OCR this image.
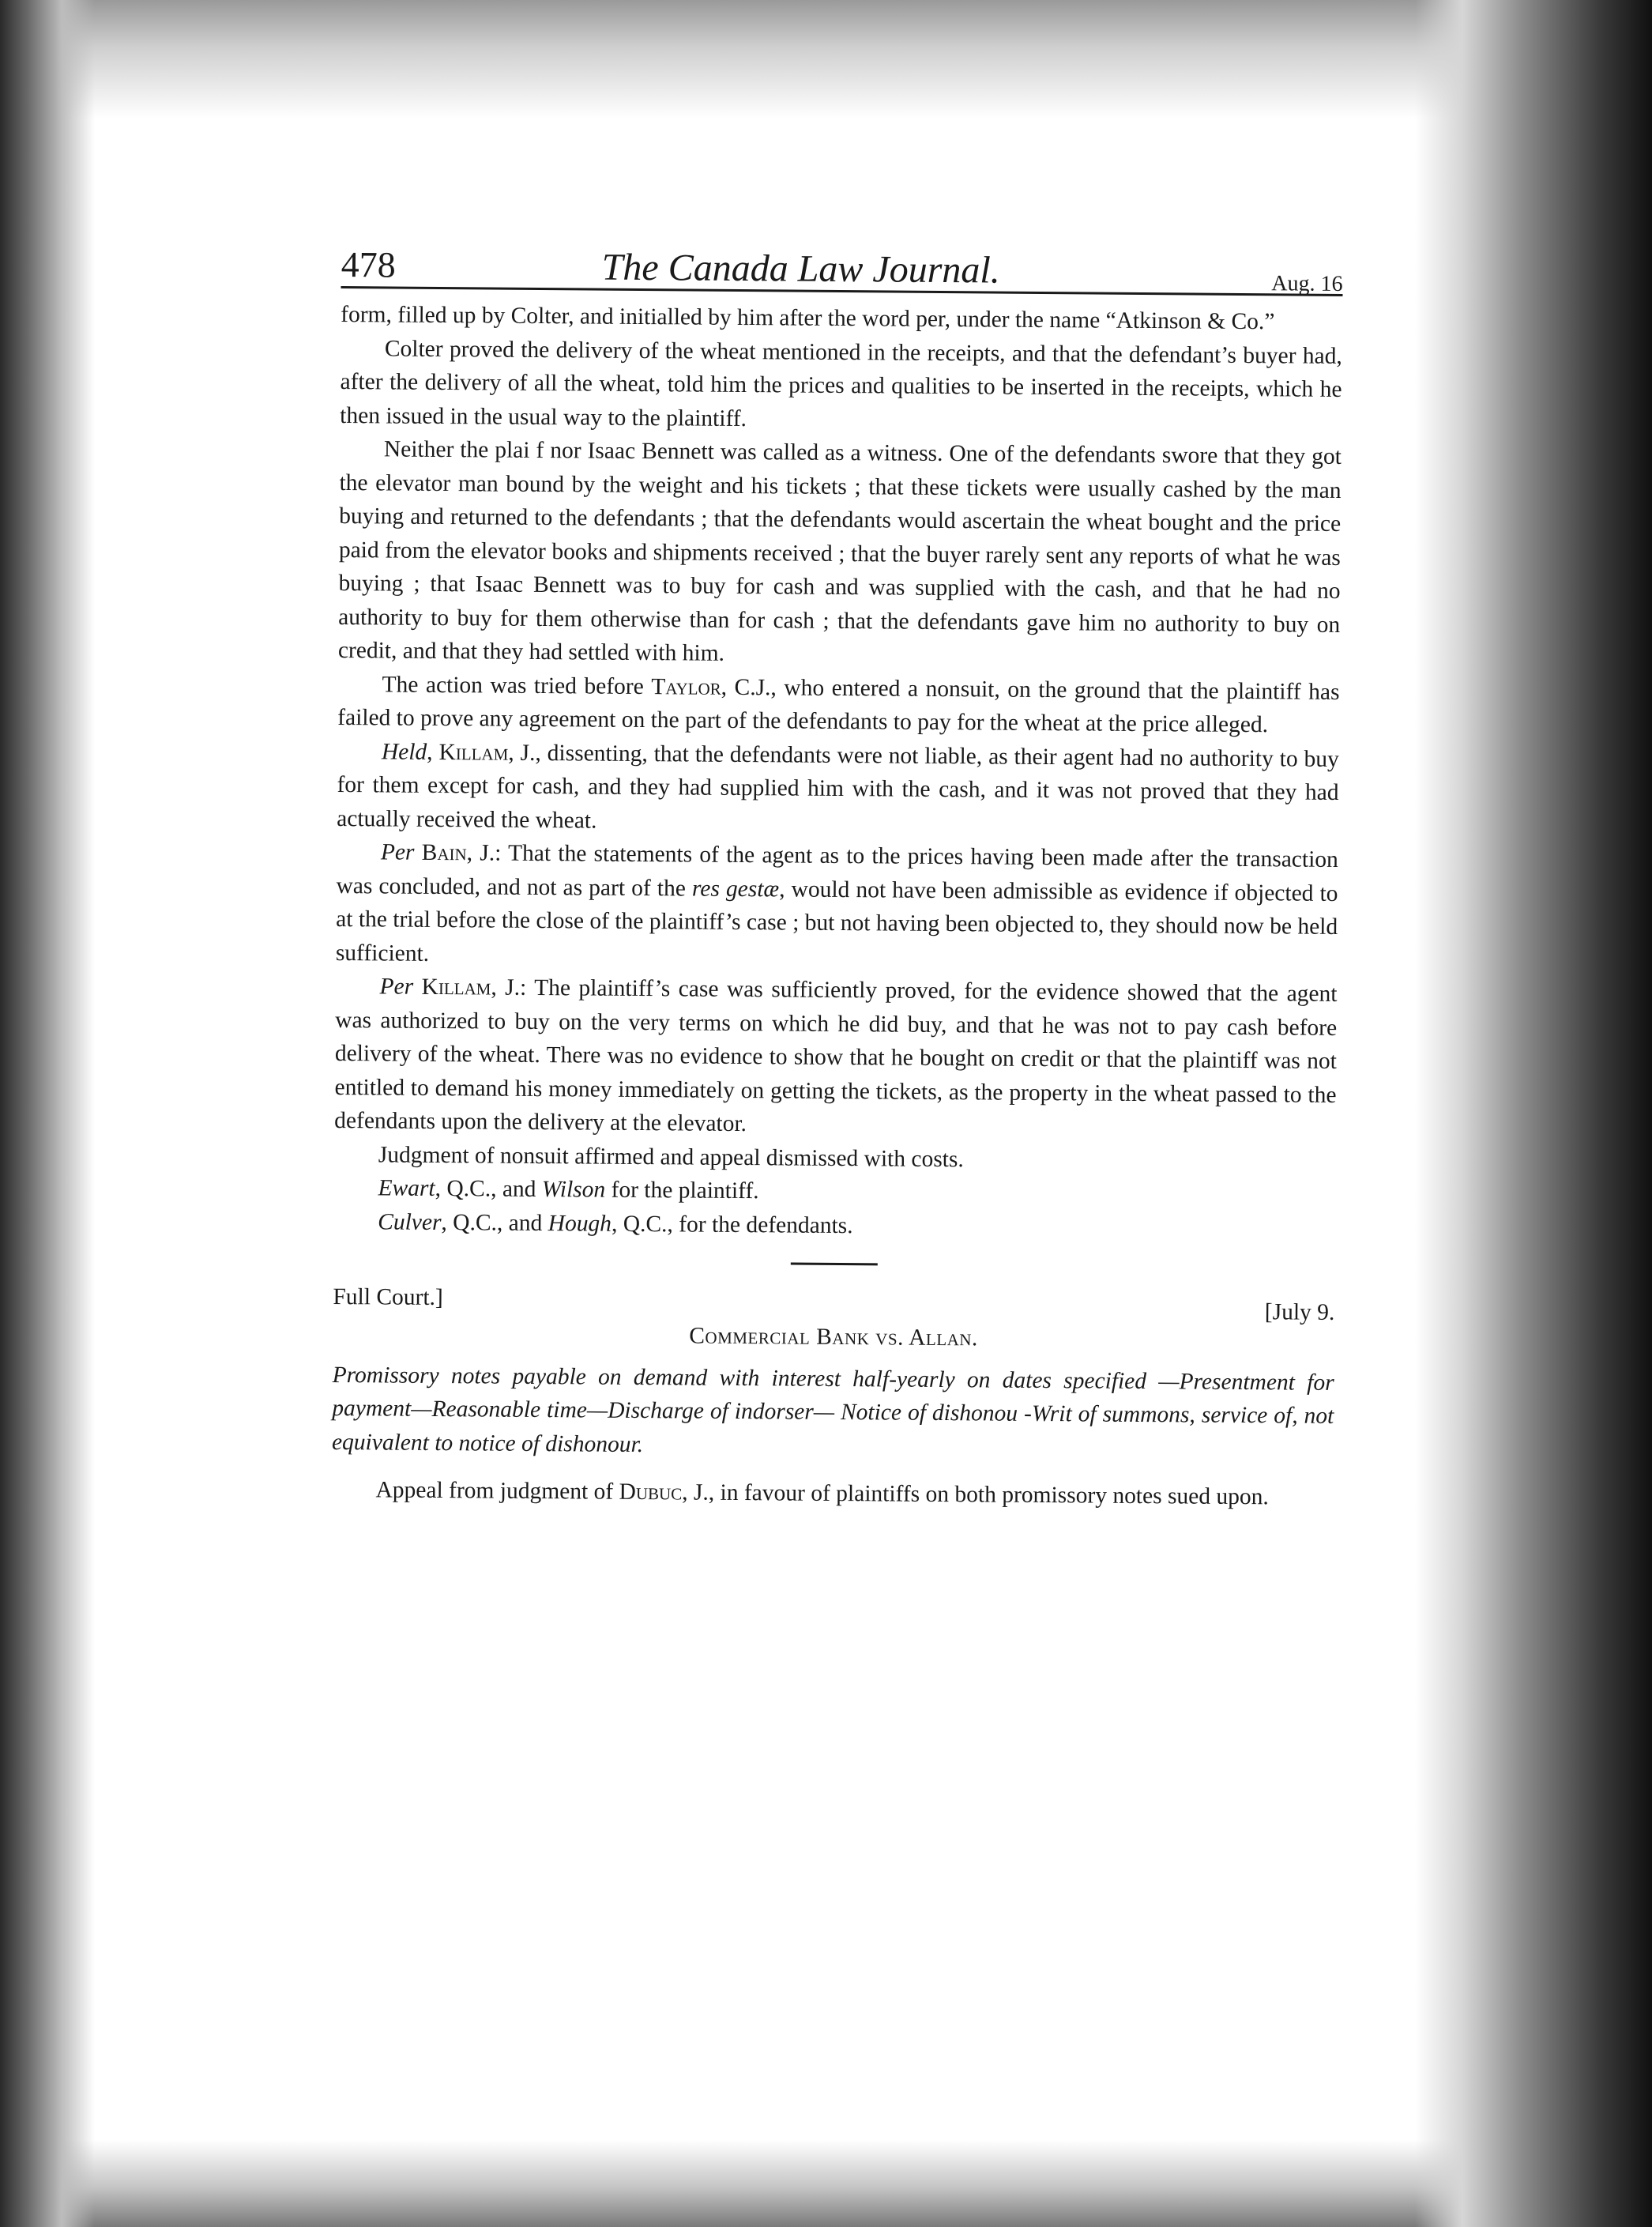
478	The Canada Law Journal.	Aug. 16

form, filled up by Colter, and initialled by him after the word per, under the name “Atkinson & Co.”

Colter proved the delivery of the wheat mentioned in the receipts, and that the defendant’s buyer had, after the delivery of all the wheat, told him the prices and qualities to be inserted in the receipts, which he then issued in the usual way to the plaintiff.

Neither the plai f nor Isaac Bennett was called as a witness. One of the defendants swore that they got the elevator man bound by the weight and his tickets ; that these tickets were usually cashed by the man buying and returned to the defendants ; that the defendants would ascertain the wheat bought and the price paid from the elevator books and shipments received ; that the buyer rarely sent any reports of what he was buying ; that Isaac Bennett was to buy for cash and was supplied with the cash, and that he had no authority to buy for them otherwise than for cash ; that the defendants gave him no authority to buy on credit, and that they had settled with him.

The action was tried before Taylor, C.J., who entered a nonsuit, on the ground that the plaintiff has failed to prove any agreement on the part of the defendants to pay for the wheat at the price alleged.

Held, Killam, J., dissenting, that the defendants were not liable, as their agent had no authority to buy for them except for cash, and they had supplied him with the cash, and it was not proved that they had actually received the wheat.

Per Bain, J.: That the statements of the agent as to the prices having been made after the transaction was concluded, and not as part of the res gestæ, would not have been admissible as evidence if objected to at the trial before the close of the plaintiff’s case ; but not having been objected to, they should now be held sufficient.

Per Killam, J.: The plaintiff’s case was sufficiently proved, for the evidence showed that the agent was authorized to buy on the very terms on which he did buy, and that he was not to pay cash before delivery of the wheat. There was no evidence to show that he bought on credit or that the plaintiff was not entitled to demand his money immediately on getting the tickets, as the property in the wheat passed to the defendants upon the delivery at the elevator.

Judgment of nonsuit affirmed and appeal dismissed with costs.

Ewart, Q.C., and Wilson for the plaintiff.

Culver, Q.C., and Hough, Q.C., for the defendants.

Full Court.]
[July 9.
Commercial Bank vs. Allan.
Promissory notes payable on demand with interest half-yearly on dates specified —Presentment for payment—Reasonable time—Discharge of indorser— Notice of dishonou -Writ of summons, service of, not equivalent to notice of dishonour.

Appeal from judgment of Dubuc, J., in favour of plaintiffs on both promissory notes sued upon.
